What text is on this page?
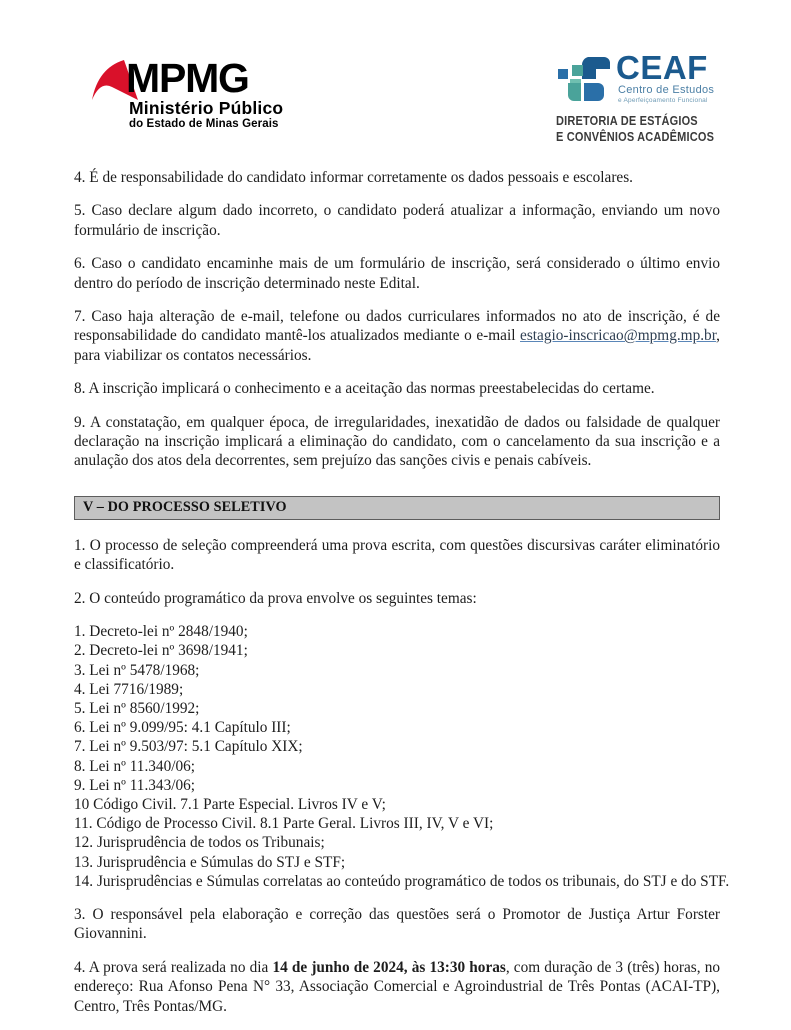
MPMG
Ministério Público
do Estado de Minas Gerais
CEAF
Centro de Estudos
e Aperfeiçoamento Funcional
DIRETORIA DE ESTÁGIOS
E CONVÊNIOS ACADÊMICOS

4. É de responsabilidade do candidato informar corretamente os dados pessoais e escolares.

5. Caso declare algum dado incorreto, o candidato poderá atualizar a informação, enviando um novo formulário de inscrição.

6. Caso o candidato encaminhe mais de um formulário de inscrição, será considerado o último envio dentro do período de inscrição determinado neste Edital.

7. Caso haja alteração de e-mail, telefone ou dados curriculares informados no ato de inscrição, é de responsabilidade do candidato mantê-los atualizados mediante o e-mail estagio-inscricao@mpmg.mp.br, para viabilizar os contatos necessários.

8. A inscrição implicará o conhecimento e a aceitação das normas preestabelecidas do certame.

9. A constatação, em qualquer época, de irregularidades, inexatidão de dados ou falsidade de qualquer declaração na inscrição implicará a eliminação do candidato, com o cancelamento da sua inscrição e a anulação dos atos dela decorrentes, sem prejuízo das sanções civis e penais cabíveis.

V – DO PROCESSO SELETIVO

1. O processo de seleção compreenderá uma prova escrita, com questões discursivas caráter eliminatório e classificatório.

2. O conteúdo programático da prova envolve os seguintes temas:

1. Decreto-lei nº 2848/1940;
2. Decreto-lei nº 3698/1941;
3. Lei nº 5478/1968;
4. Lei 7716/1989;
5. Lei nº 8560/1992;
6. Lei nº 9.099/95: 4.1 Capítulo III;
7. Lei nº 9.503/97: 5.1 Capítulo XIX;
8. Lei nº 11.340/06;
9. Lei nº 11.343/06;
10 Código Civil. 7.1 Parte Especial. Livros IV e V;
11. Código de Processo Civil. 8.1 Parte Geral. Livros III, IV, V e VI;
12. Jurisprudência de todos os Tribunais;
13. Jurisprudência e Súmulas do STJ e STF;
14. Jurisprudências e Súmulas correlatas ao conteúdo programático de todos os tribunais, do STJ e do STF.

3. O responsável pela elaboração e correção das questões será o Promotor de Justiça Artur Forster Giovannini.

4. A prova será realizada no dia 14 de junho de 2024, às 13:30 horas, com duração de 3 (três) horas, no endereço: Rua Afonso Pena N° 33, Associação Comercial e Agroindustrial de Três Pontas (ACAI-TP), Centro, Três Pontas/MG.
